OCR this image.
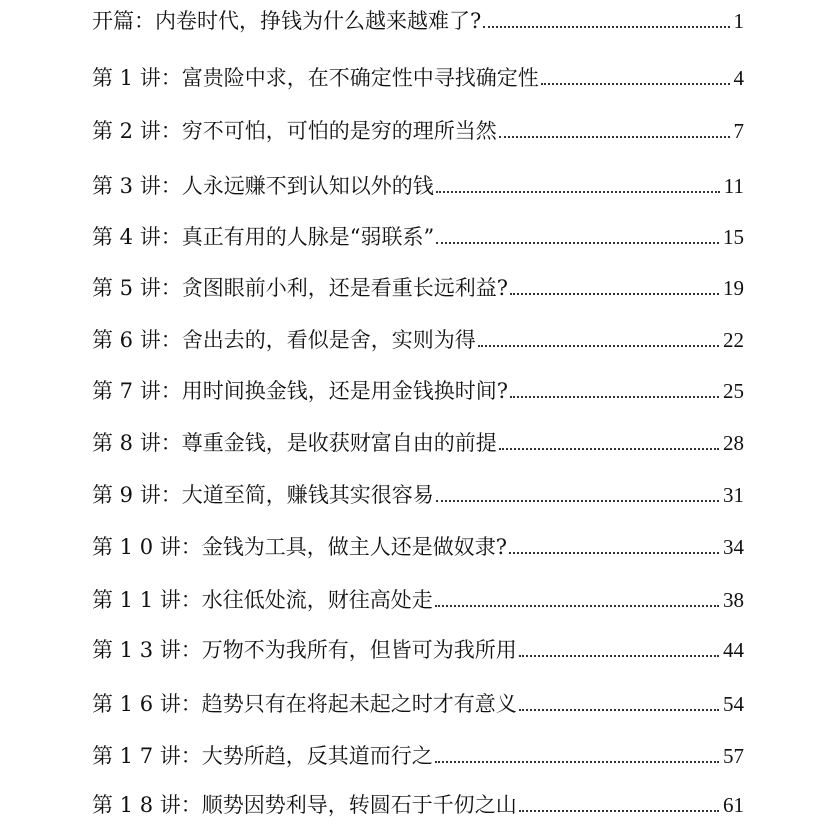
开篇：内卷时代，挣钱为什么越来越难了?	1
第 1 讲：富贵险中求，在不确定性中寻找确定性	4
第 2 讲：穷不可怕，可怕的是穷的理所当然	7
第 3 讲：人永远赚不到认知以外的钱	11
第 4 讲：真正有用的人脉是“弱联系”	15
第 5 讲：贪图眼前小利，还是看重长远利益?	19
第 6 讲：舍出去的，看似是舍，实则为得	22
第 7 讲：用时间换金钱，还是用金钱换时间?	25
第 8 讲：尊重金钱，是收获财富自由的前提	28
第 9 讲：大道至简，赚钱其实很容易	31
第 1 0 讲：金钱为工具，做主人还是做奴隶?	34
第 1 1 讲：水往低处流，财往高处走	38
第 1 3 讲：万物不为我所有，但皆可为我所用	44
第 1 6 讲：趋势只有在将起未起之时才有意义	54
第 1 7 讲：大势所趋，反其道而行之	57
第 1 8 讲：顺势因势利导，转圆石于千仞之山	61
